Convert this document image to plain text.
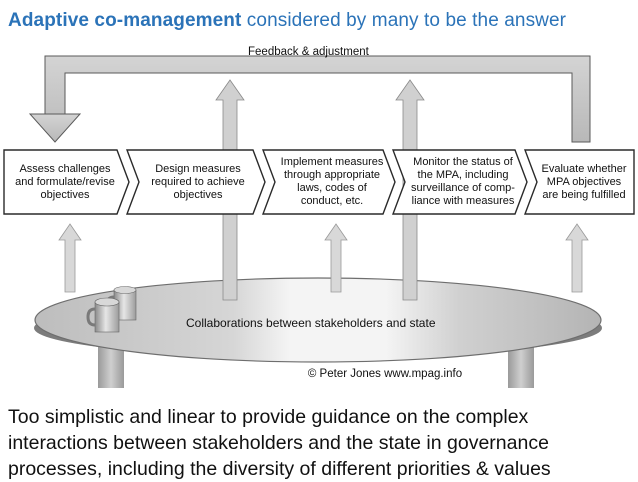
Adaptive co-management considered by many to be the answer
Feedback & adjustment
Assess challenges
and formulate/revise
objectives
Design measures
required to achieve
objectives
Implement measures
through appropriate
laws, codes of
conduct, etc.
Monitor the status of
the MPA, including
surveillance of comp-
liance with measures
Evaluate whether
MPA objectives
are being fulfilled
Collaborations between stakeholders and state
© Peter Jones www.mpag.info
Too simplistic and linear to provide guidance on the complex
interactions between stakeholders and the state in governance
processes, including the diversity of different priorities & values
